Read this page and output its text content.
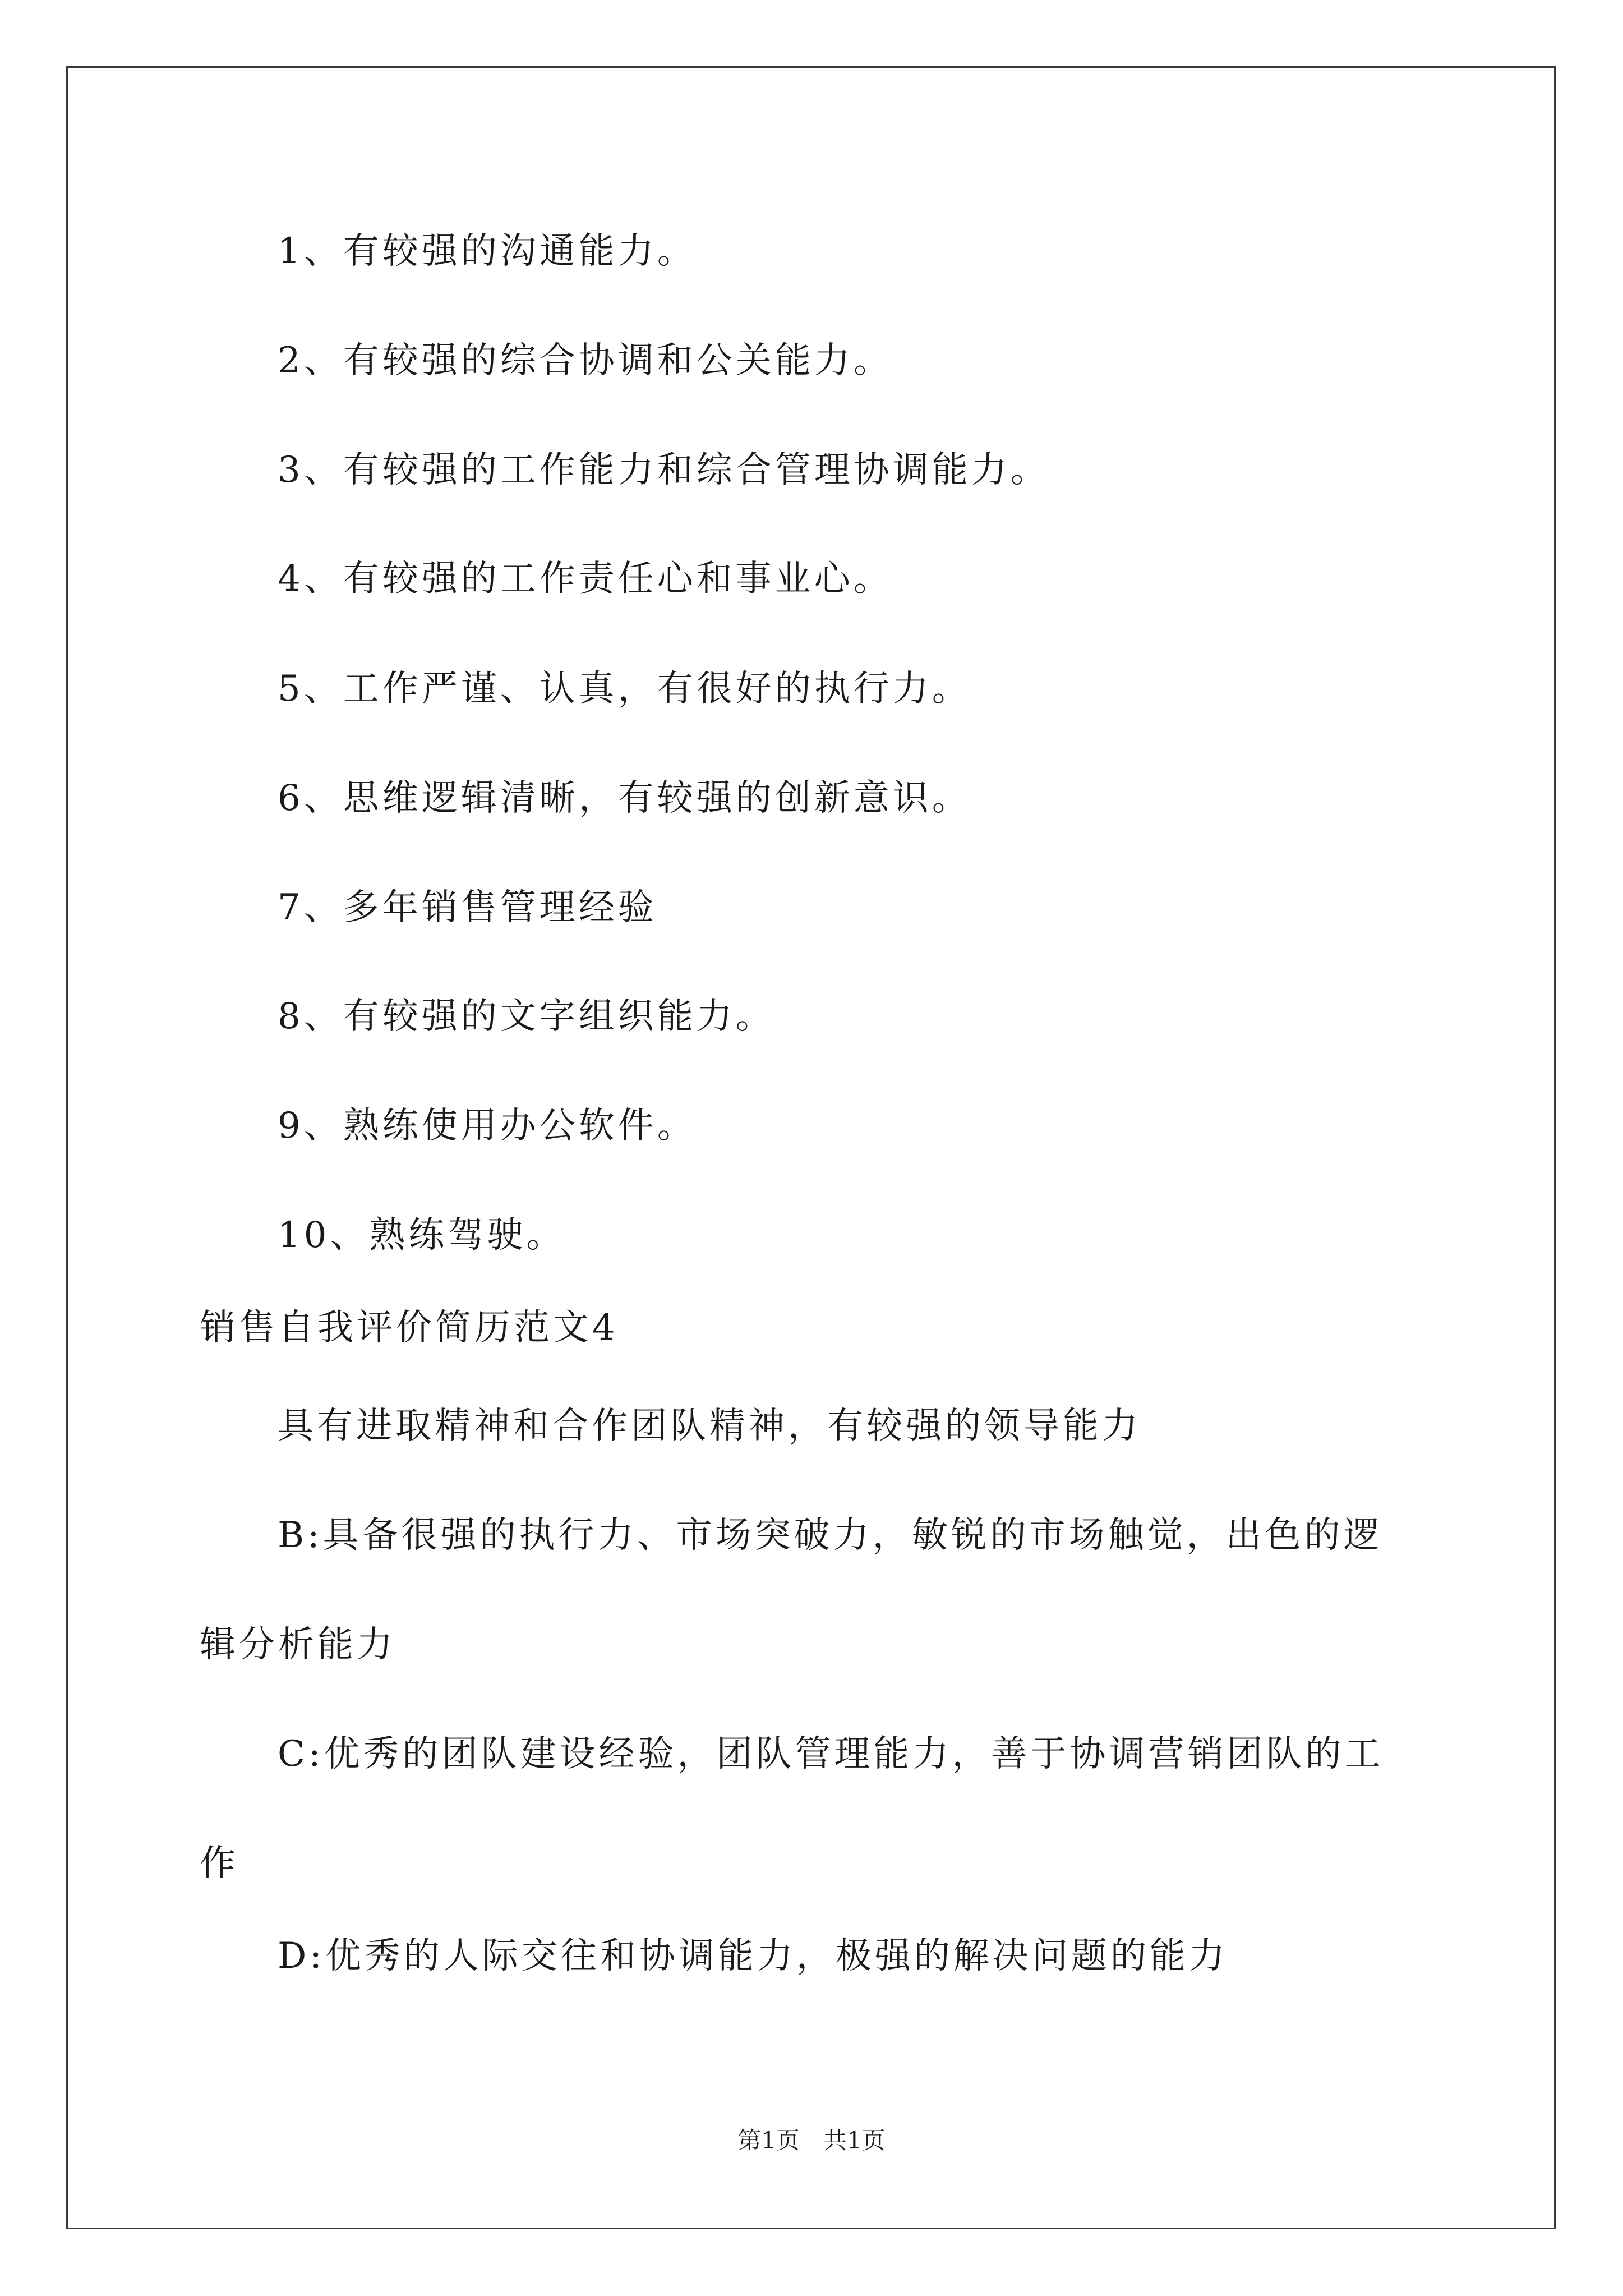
1、有较强的沟通能力。
2、有较强的综合协调和公关能力。
3、有较强的工作能力和综合管理协调能力。
4、有较强的工作责任心和事业心。
5、工作严谨、认真，有很好的执行力。
6、思维逻辑清晰，有较强的创新意识。
7、多年销售管理经验
8、有较强的文字组织能力。
9、熟练使用办公软件。
10、熟练驾驶。
销售自我评价简历范文4
具有进取精神和合作团队精神，有较强的领导能力
B:具备很强的执行力、市场突破力，敏锐的市场触觉，出色的逻
辑分析能力
C:优秀的团队建设经验，团队管理能力，善于协调营销团队的工
作
D:优秀的人际交往和协调能力，极强的解决问题的能力
第1页　共1页
